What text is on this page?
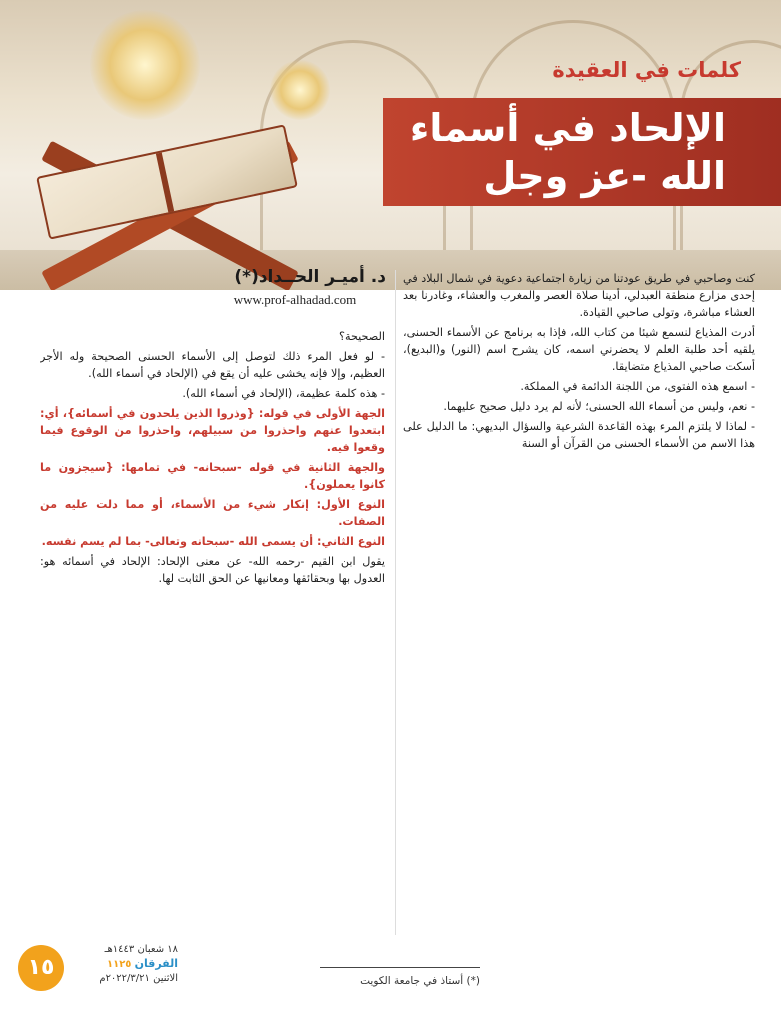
كلمات في العقيدة
الإلحاد في أسماء
الله -عز وجل
د. أميـر الحــداد(*)
www.prof-alhadad.com

كنت وصاحبي في طريق عودتنا من زيارة اجتماعية دعوية في شمال البلاد في إحدى مزارع منطقة العبدلي، أدينا صلاة العصر والمغرب والعشاء، وغادرنا بعد العشاء مباشرة، وتولى صاحبي القيادة.

أدرت المذياع لنسمع شيئا من كتاب الله، فإذا به برنامج عن الأسماء الحسنى، يلقيه أحد طلبة العلم لا يحضرني اسمه، كان يشرح اسم (النور) و(البديع)، أسكت صاحبي المذياع متضايقا.

- اسمع هذه الفتوى، من اللجنة الدائمة في المملكة.

- نعم، وليس من أسماء الله الحسنى؛ لأنه لم يرد دليل صحيح عليهما.

- لماذا لا يلتزم المرء بهذه القاعدة الشرعية والسؤال البديهي: ما الدليل على هذا الاسم من الأسماء الحسنى من القرآن أو السنة

الصحيحة؟

- لو فعل المرء ذلك لتوصل إلى الأسماء الحسنى الصحيحة وله الأجر العظيم، وإلا فإنه يخشى عليه أن يقع في (الإلحاد في أسماء الله).

- هذه كلمة عظيمة، (الإلحاد في أسماء الله).

الجهة الأولى في قوله: {وذروا الذين يلحدون في أسمائه}، أي: ابتعدوا عنهم واحذروا من سبيلهم، واحذروا من الوقوع فيما وقعوا فيه.

والجهة الثانية في قوله -سبحانه- في تمامها: {سيجزون ما كانوا يعملون}.

النوع الأول: إنكار شيء من الأسماء، أو مما دلت عليه من الصفات.

النوع الثاني: أن يسمى الله -سبحانه وتعالى- بما لم يسم نفسه.

يقول ابن القيم -رحمه الله- عن معنى الإلحاد: الإلحاد في أسمائه هو: العدول بها وبحقائقها ومعانيها عن الحق الثابت لها.

(*) أستاذ في جامعة الكويت
١٥
١٨ شعبان ١٤٤٣هـ
الفرقان ١١٢٥
الاثنين ٢٠٢٢/٣/٢١م
